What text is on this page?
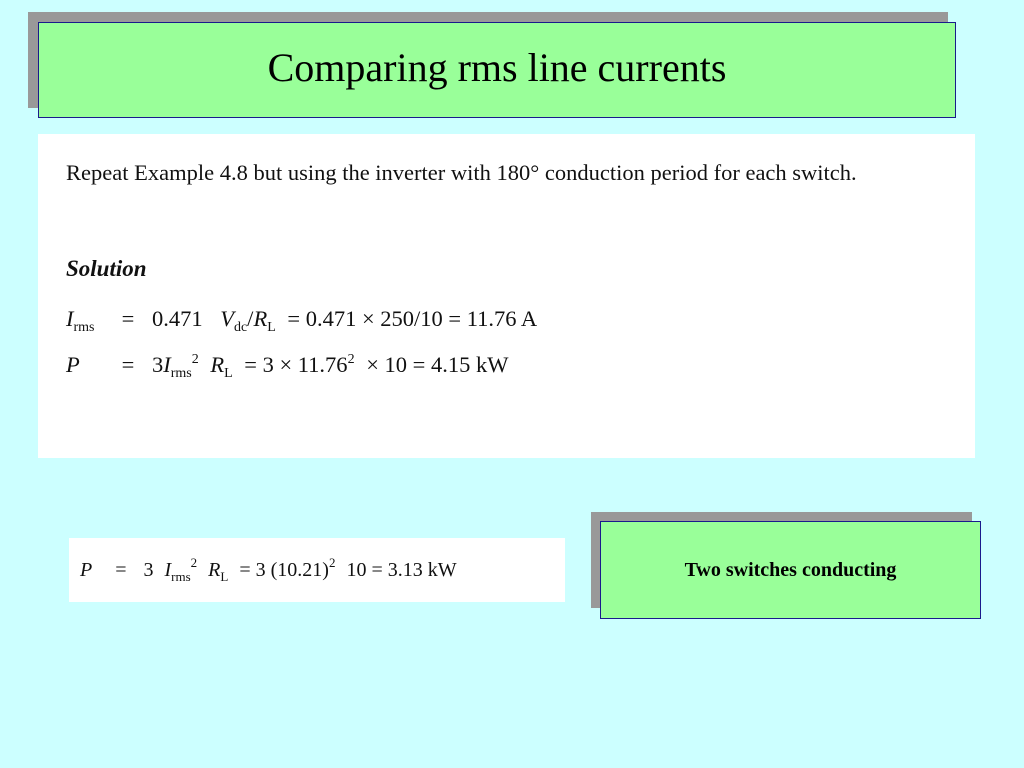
Comparing rms line currents
Repeat Example 4.8 but using the inverter with 180° conduction period for each switch.
Solution
$I_{rms} = 0.471$ $V_{dc}/R_L = 0.471 \times 250/10 = 11.76$ A
$P = 3I_{rms}^2$ $R_L = 3 \times 11.76^2 \times 10 = 4.15$ kW
P = 3 $I_{rms}^2$ $R_L = 3$ $(10.21)^2$ 10 = 3.13 kW	Two switches conducting
